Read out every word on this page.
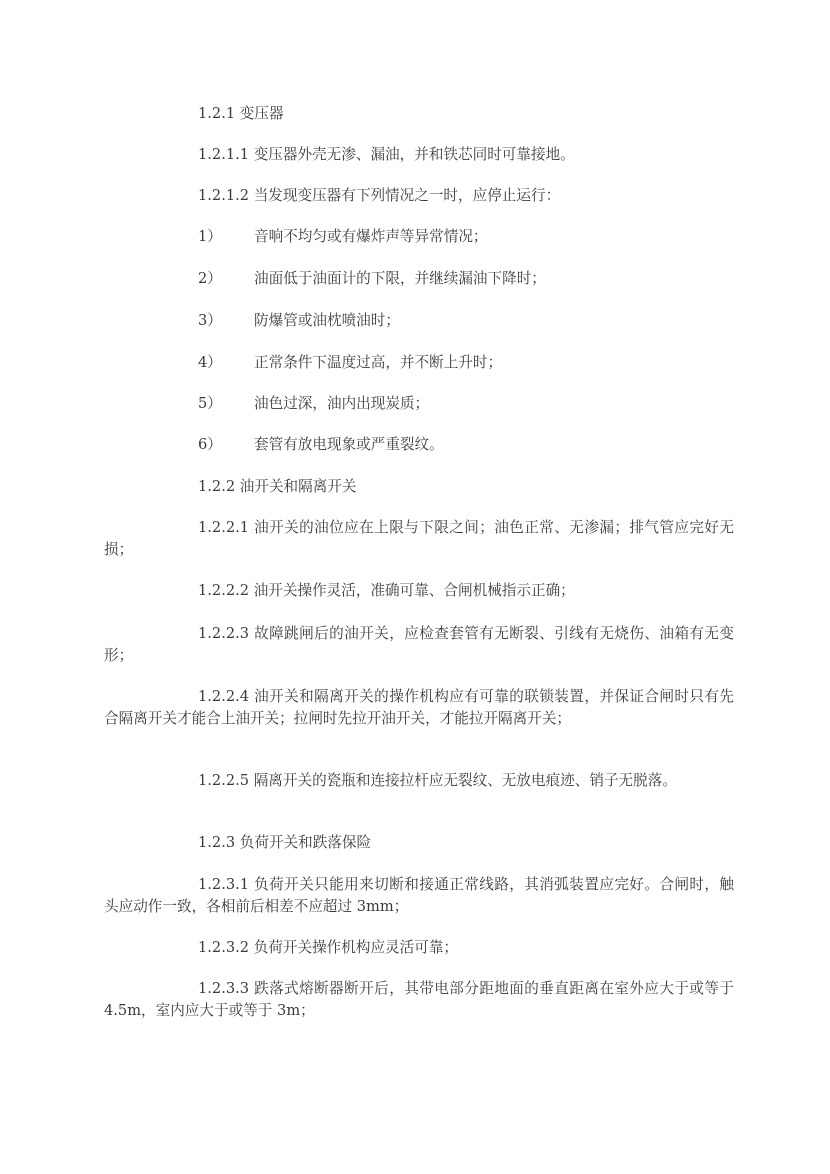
1.2.1 变压器

1.2.1.1 变压器外壳无渗、漏油，并和铁芯同时可靠接地。

1.2.1.2 当发现变压器有下列情况之一时，应停止运行：

1） 音响不均匀或有爆炸声等异常情况；

2） 油面低于油面计的下限，并继续漏油下降时；

3） 防爆管或油枕喷油时；

4） 正常条件下温度过高，并不断上升时；

5） 油色过深，油内出现炭质；

6） 套管有放电现象或严重裂纹。

1.2.2 油开关和隔离开关

1.2.2.1 油开关的油位应在上限与下限之间；油色正常、无渗漏；排气管应完好无损；

1.2.2.2 油开关操作灵活，准确可靠、合闸机械指示正确；

1.2.2.3 故障跳闸后的油开关，应检查套管有无断裂、引线有无烧伤、油箱有无变形；

1.2.2.4 油开关和隔离开关的操作机构应有可靠的联锁装置，并保证合闸时只有先合隔离开关才能合上油开关；拉闸时先拉开油开关，才能拉开隔离开关；

1.2.2.5 隔离开关的瓷瓶和连接拉杆应无裂纹、无放电痕迹、销子无脱落。

1.2.3 负荷开关和跌落保险

1.2.3.1 负荷开关只能用来切断和接通正常线路，其消弧装置应完好。合闸时，触头应动作一致，各相前后相差不应超过 3mm；

1.2.3.2 负荷开关操作机构应灵活可靠；

1.2.3.3 跌落式熔断器断开后，其带电部分距地面的垂直距离在室外应大于或等于 4.5m，室内应大于或等于 3m；
